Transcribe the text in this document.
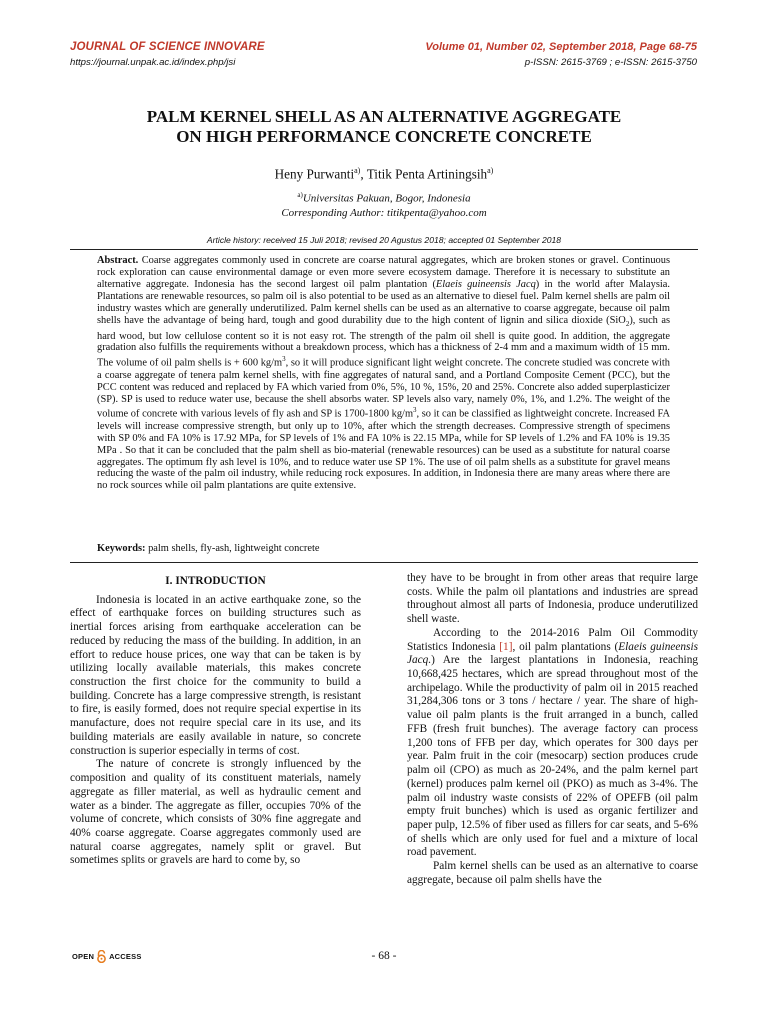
JOURNAL OF SCIENCE INNOVARE
https://journal.unpak.ac.id/index.php/jsi
Volume 01, Number 02, September 2018, Page 68-75
p-ISSN: 2615-3769 ; e-ISSN: 2615-3750
PALM KERNEL SHELL AS AN ALTERNATIVE AGGREGATE
ON HIGH PERFORMANCE CONCRETE CONCRETE
Heny Purwanti$^{a)}$, Titik Penta Artiningsih$^{a)}$
$^{a)}$Universitas Pakuan, Bogor, Indonesia
Corresponding Author: titikpenta@yahoo.com
Article history: received 15 Juli 2018; revised 20 Agustus 2018; accepted 01 September 2018
Abstract. Coarse aggregates commonly used in concrete are coarse natural aggregates, which are broken stones or gravel. Continuous rock exploration can cause environmental damage or even more severe ecosystem damage. Therefore it is necessary to substitute an alternative aggregate. Indonesia has the second largest oil palm plantation (Elaeis guineensis Jacq) in the world after Malaysia. Plantations are renewable resources, so palm oil is also potential to be used as an alternative to diesel fuel. Palm kernel shells are palm oil industry wastes which are generally underutilized. Palm kernel shells can be used as an alternative to coarse aggregate, because oil palm shells have the advantage of being hard, tough and good durability due to the high content of lignin and silica dioxide (SiO$_2$), such as hard wood, but low cellulose content so it is not easy rot. The strength of the palm oil shell is quite good. In addition, the aggregate gradation also fulfills the requirements without a breakdown process, which has a thickness of 2-4 mm and a maximum width of 15 mm. The volume of oil palm shells is + 600 $kg/m^3$, so it will produce significant light weight concrete. The concrete studied was concrete with a coarse aggregate of tenera palm kernel shells, with fine aggregates of natural sand, and a Portland Composite Cement (PCC), but the PCC content was reduced and replaced by FA which varied from 0%, 5%, 10 %, 15%, 20 and 25%. Concrete also added superplasticizer (SP). SP is used to reduce water use, because the shell absorbs water. SP levels also vary, namely 0%, 1%, and 1.2%. The weight of the volume of concrete with various levels of fly ash and SP is 1700-1800 $kg/m^3$, so it can be classified as lightweight concrete. Increased FA levels will increase compressive strength, but only up to 10%, after which the strength decreases. Compressive strength of specimens with SP 0% and FA 10% is 17.92 MPa, for SP levels of 1% and FA 10% is 22.15 MPa, while for SP levels of 1.2% and FA 10% is 19.35 MPa . So that it can be concluded that the palm shell as bio-material (renewable resources) can be used as a substitute for natural coarse aggregates. The optimum fly ash level is 10%, and to reduce water use SP 1%. The use of oil palm shells as a substitute for gravel means reducing the waste of the palm oil industry, while reducing rock exposures. In addition, in Indonesia there are many areas where there are no rock sources while oil palm plantations are quite extensive.
Keywords: palm shells, fly-ash, lightweight concrete
I. INTRODUCTION

Indonesia is located in an active earthquake zone, so the effect of earthquake forces on building structures such as inertial forces arising from earthquake acceleration can be reduced by reducing the mass of the building. In addition, in an effort to reduce house prices, one way that can be taken is by utilizing locally available materials, this makes concrete construction the first choice for the community to build a building. Concrete has a large compressive strength, is resistant to fire, is easily formed, does not require special expertise in its manufacture, does not require special care in its use, and its building materials are easily available in nature, so concrete construction is superior especially in terms of cost.

The nature of concrete is strongly influenced by the composition and quality of its constituent materials, namely aggregate as filler material, as well as hydraulic cement and water as a binder. The aggregate as filler, occupies 70% of the volume of concrete, which consists of 30% fine aggregate and 40% coarse aggregate. Coarse aggregates commonly used are natural coarse aggregates, namely split or gravel. But sometimes splits or gravels are hard to come by, so

they have to be brought in from other areas that require large costs. While the palm oil plantations and industries are spread throughout almost all parts of Indonesia, produce underutilized shell waste.

According to the 2014-2016 Palm Oil Commodity Statistics Indonesia [1], oil palm plantations (Elaeis guineensis Jacq.) Are the largest plantations in Indonesia, reaching 10,668,425 hectares, which are spread throughout most of the archipelago. While the productivity of palm oil in 2015 reached 31,284,306 tons or 3 tons / hectare / year. The share of high-value oil palm plants is the fruit arranged in a bunch, called FFB (fresh fruit bunches). The average factory can process 1,200 tons of FFB per day, which operates for 300 days per year. Palm fruit in the coir (mesocarp) section produces crude palm oil (CPO) as much as 20-24%, and the palm kernel part (kernel) produces palm kernel oil (PKO) as much as 3-4%. The palm oil industry waste consists of 22% of OPEFB (oil palm empty fruit bunches) which is used as organic fertilizer and paper pulp, 12.5% of fiber used as fillers for car seats, and 5-6% of shells which are only used for fuel and a mixture of local road pavement.

Palm kernel shells can be used as an alternative to coarse aggregate, because oil palm shells have the

OPEN ACCESS	- 68 -
